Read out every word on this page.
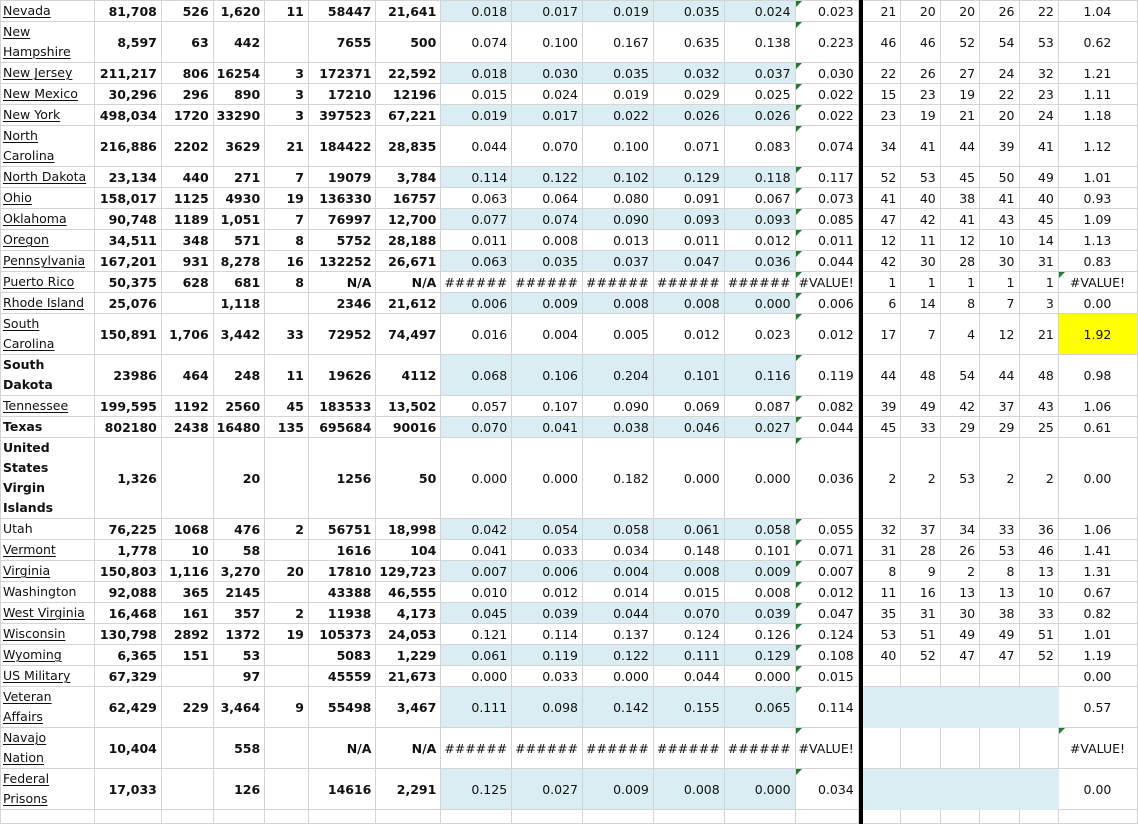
Nevada	81,708	526	1,620	11	58447	21,641	0.018	0.017	0.019	0.035	0.024	0.023		21	20	20	26	22	1.04
New Hampshire	8,597	63	442		7655	500	0.074	0.100	0.167	0.635	0.138	0.223		46	46	52	54	53	0.62
New Jersey	211,217	806	16254	3	172371	22,592	0.018	0.030	0.035	0.032	0.037	0.030		22	26	27	24	32	1.21
New Mexico	30,296	296	890	3	17210	12196	0.015	0.024	0.019	0.029	0.025	0.022		15	23	19	22	23	1.11
New York	498,034	1720	33290	3	397523	67,221	0.019	0.017	0.022	0.026	0.026	0.022		23	19	21	20	24	1.18
North Carolina	216,886	2202	3629	21	184422	28,835	0.044	0.070	0.100	0.071	0.083	0.074		34	41	44	39	41	1.12
North Dakota	23,134	440	271	7	19079	3,784	0.114	0.122	0.102	0.129	0.118	0.117		52	53	45	50	49	1.01
Ohio	158,017	1125	4930	19	136330	16757	0.063	0.064	0.080	0.091	0.067	0.073		41	40	38	41	40	0.93
Oklahoma	90,748	1189	1,051	7	76997	12,700	0.077	0.074	0.090	0.093	0.093	0.085		47	42	41	43	45	1.09
Oregon	34,511	348	571	8	5752	28,188	0.011	0.008	0.013	0.011	0.012	0.011		12	11	12	10	14	1.13
Pennsylvania	167,201	931	8,278	16	132252	26,671	0.063	0.035	0.037	0.047	0.036	0.044		42	30	28	30	31	0.83
Puerto Rico	50,375	628	681	8	N/A	N/A	######	######	######	######	######	#VALUE!		1	1	1	1	1	#VALUE!
Rhode Island	25,076		1,118		2346	21,612	0.006	0.009	0.008	0.008	0.000	0.006		6	14	8	7	3	0.00
South Carolina	150,891	1,706	3,442	33	72952	74,497	0.016	0.004	0.005	0.012	0.023	0.012		17	7	4	12	21	1.92
South Dakota	23986	464	248	11	19626	4112	0.068	0.106	0.204	0.101	0.116	0.119		44	48	54	44	48	0.98
Tennessee	199,595	1192	2560	45	183533	13,502	0.057	0.107	0.090	0.069	0.087	0.082		39	49	42	37	43	1.06
Texas	802180	2438	16480	135	695684	90016	0.070	0.041	0.038	0.046	0.027	0.044		45	33	29	29	25	0.61
United States Virgin Islands	1,326		20		1256	50	0.000	0.000	0.182	0.000	0.000	0.036		2	2	53	2	2	0.00
Utah	76,225	1068	476	2	56751	18,998	0.042	0.054	0.058	0.061	0.058	0.055		32	37	34	33	36	1.06
Vermont	1,778	10	58		1616	104	0.041	0.033	0.034	0.148	0.101	0.071		31	28	26	53	46	1.41
Virginia	150,803	1,116	3,270	20	17810	129,723	0.007	0.006	0.004	0.008	0.009	0.007		8	9	2	8	13	1.31
Washington	92,088	365	2145		43388	46,555	0.010	0.012	0.014	0.015	0.008	0.012		11	16	13	13	10	0.67
West Virginia	16,468	161	357	2	11938	4,173	0.045	0.039	0.044	0.070	0.039	0.047		35	31	30	38	33	0.82
Wisconsin	130,798	2892	1372	19	105373	24,053	0.121	0.114	0.137	0.124	0.126	0.124		53	51	49	49	51	1.01
Wyoming	6,365	151	53		5083	1,229	0.061	0.119	0.122	0.111	0.129	0.108		40	52	47	47	52	1.19
US Military	67,329		97		45559	21,673	0.000	0.033	0.000	0.044	0.000	0.015							0.00
Veteran Affairs	62,429	229	3,464	9	55498	3,467	0.111	0.098	0.142	0.155	0.065	0.114							0.57
Navajo Nation	10,404		558		N/A	N/A	######	######	######	######	######	#VALUE!							#VALUE!
Federal Prisons	17,033		126		14616	2,291	0.125	0.027	0.009	0.008	0.000	0.034							0.00
